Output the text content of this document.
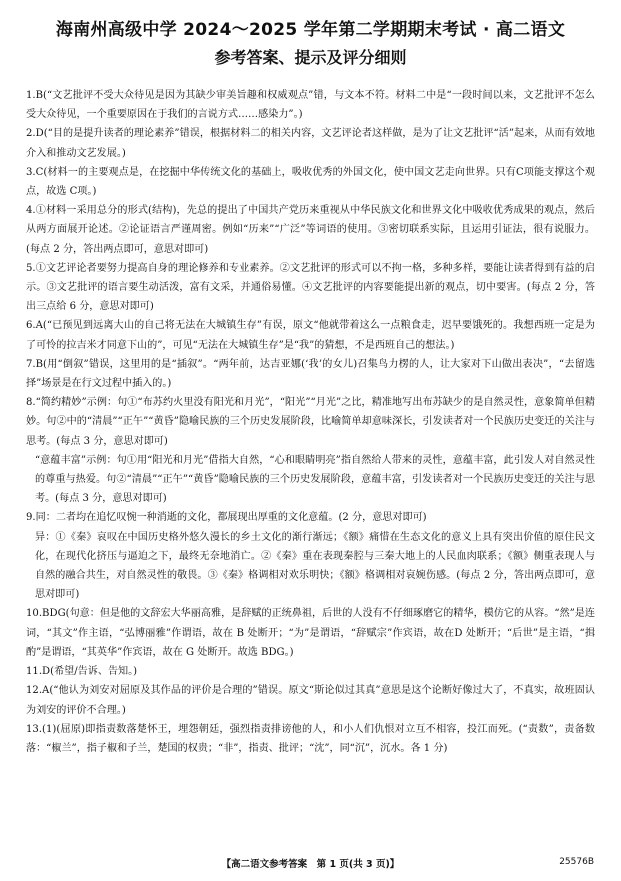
海南州高级中学 2024～2025 学年第二学期期末考试 · 高二语文
参考答案、提示及评分细则
1.B(“文艺批评不受大众待见是因为其缺少审美旨趣和权威观点”错，与文本不符。材料二中是“一段时间以来，文艺批评不怎么受大众待见，一个重要原因在于我们的言说方式……感染力”。)
2.D(“目的是提升读者的理论素养”错误，根据材料二的相关内容，文艺评论者这样做，是为了让文艺批评“活”起来，从而有效地介入和推动文艺发展。)
3.C(材料一的主要观点是，在挖掘中华传统文化的基础上，吸收优秀的外国文化，使中国文艺走向世界。只有C项能支撑这个观点，故选 C项。)
4.①材料一采用总分的形式(结构)，先总的提出了中国共产党历来重视从中华民族文化和世界文化中吸收优秀成果的观点，然后从两方面展开论述。②论证语言严谨周密。例如“历来”“广泛”等词语的使用。③密切联系实际，且运用引证法，很有说服力。(每点 2 分，答出两点即可，意思对即可)
5.①文艺评论者要努力提高自身的理论修养和专业素养。②文艺批评的形式可以不拘一格，多种多样，要能让读者得到有益的启示。③文艺批评的语言要生动活泼，富有文采，并通俗易懂。④文艺批评的内容要能提出新的观点，切中要害。(每点 2 分，答出三点给 6 分，意思对即可)
6.A(“已预见到远离大山的自己将无法在大城镇生存”有误，原文“他就带着这么一点粮食走，迟早要饿死的。我想西班一定是为了可怜的拉吉米才同意下山的”，可见“无法在大城镇生存”是“我”的猜想，不是西班自己的想法。)
7.B(用“倒叙”错误，这里用的是“插叙”。“两年前，达吉亚娜(‘我’的女儿)召集鸟力楞的人，让大家对下山做出表决”，“去留选择”场景是在行文过程中插入的。)
8.“简约精妙”示例：句①“布苏约火里没有阳光和月光”，“阳光”“月光”之比，精准地写出布苏缺少的是自然灵性，意象简单但精妙。句②中的“清晨”“正午”“黄昏”隐喻民族的三个历史发展阶段，比喻简单却意味深长，引发读者对一个民族历史变迁的关注与思考。(每点 3 分，意思对即可)
“意蕴丰富”示例：句①用“阳光和月光”借指大自然，“心和眼睛明亮”指自然给人带来的灵性，意蕴丰富，此引发人对自然灵性的尊重与热爱。句②“清晨”“正午”“黄昏”隐喻民族的三个历史发展阶段，意蕴丰富，引发读者对一个民族历史变迁的关注与思考。(每点 3 分，意思对即可)
9.同：二者均在追忆叹惋一种消逝的文化，都展现出厚重的文化意蕴。(2 分，意思对即可)
异：①《秦》哀叹在中国历史格外悠久漫长的乡土文化的渐行渐远；《额》痛惜在生态文化的意义上具有突出价值的原住民文化，在现代化挤压与逼迫之下，最终无奈地消亡。②《秦》重在表现秦腔与三秦大地上的人民血肉联系；《额》侧重表现人与自然的融合共生，对自然灵性的敬畏。③《秦》格调相对欢乐明快；《额》格调相对哀婉伤感。(每点 2 分，答出两点即可，意思对即可)
10.BDG(句意：但是他的文辞宏大华丽高雅，是辞赋的正统鼻祖，后世的人没有不仔细琢磨它的精华，模仿它的从容。“然”是连词，“其文”作主语，“弘博丽雅”作谓语，故在 B 处断开；“为”是谓语，“辞赋宗”作宾语，故在D 处断开；“后世”是主语，“揖酌”是谓语，“其英华”作宾语，故在 G 处断开。故选 BDG。)
11.D(希望/告诉、告知。)
12.A(“他认为刘安对屈原及其作品的评价是合理的”错误。原文“斯论似过其真”意思是这个论断好像过大了，不真实，故班固认为刘安的评价不合理。)
13.(1)(屈原)即指责数落楚怀王，埋怨朝廷，强烈指责排谤他的人，和小人们仇恨对立互不相容，投江而死。(“责数”，责备数落：“椒兰”，指子椒和子兰，楚国的权贵；“非”，指责、批评；“沈”，同“沉”，沉水。各 1 分)
【高二语文参考答案　第 1 页(共 3 页)】	25576B
